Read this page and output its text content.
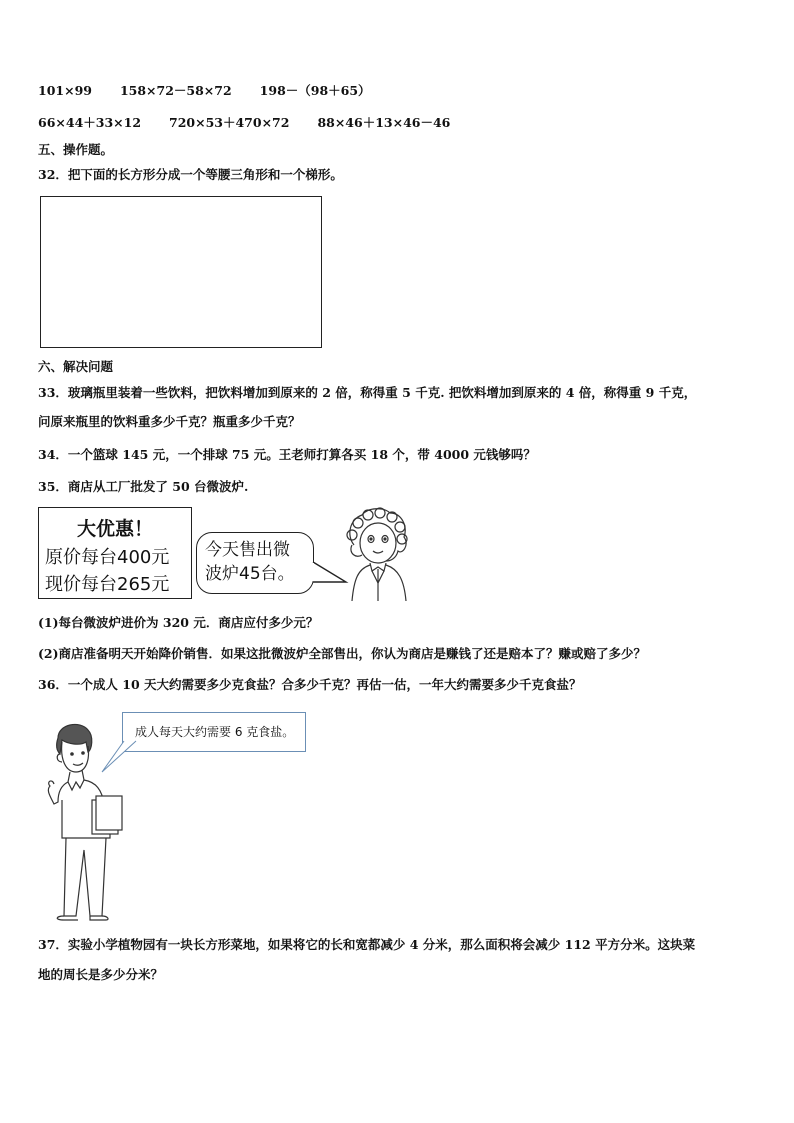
101×99 158×72－58×72 198－（98＋65）
66×44＋33×12 720×53＋470×72 88×46＋13×46－46
五、操作题。
32．把下面的长方形分成一个等腰三角形和一个梯形。
六、解决问题
33．玻璃瓶里装着一些饮料，把饮料增加到原来的 2 倍，称得重 5 千克. 把饮料增加到原来的 4 倍，称得重 9 千克，
问原来瓶里的饮料重多少千克？瓶重多少千克？
34．一个篮球 145 元，一个排球 75 元。王老师打算各买 18 个，带 4000 元钱够吗？
35．商店从工厂批发了 50 台微波炉.
大优惠！
原价每台400元
现价每台265元
今天售出微
波炉45台。
(1)每台微波炉进价为 320 元．商店应付多少元？
(2)商店准备明天开始降价销售．如果这批微波炉全部售出，你认为商店是赚钱了还是赔本了？赚或赔了多少？
36．一个成人 10 天大约需要多少克食盐？合多少千克？再估一估，一年大约需要多少千克食盐？
成人每天大约需要 6 克食盐。
37．实验小学植物园有一块长方形菜地，如果将它的长和宽都减少 4 分米，那么面积将会减少 112 平方分米。这块菜
地的周长是多少分米？
